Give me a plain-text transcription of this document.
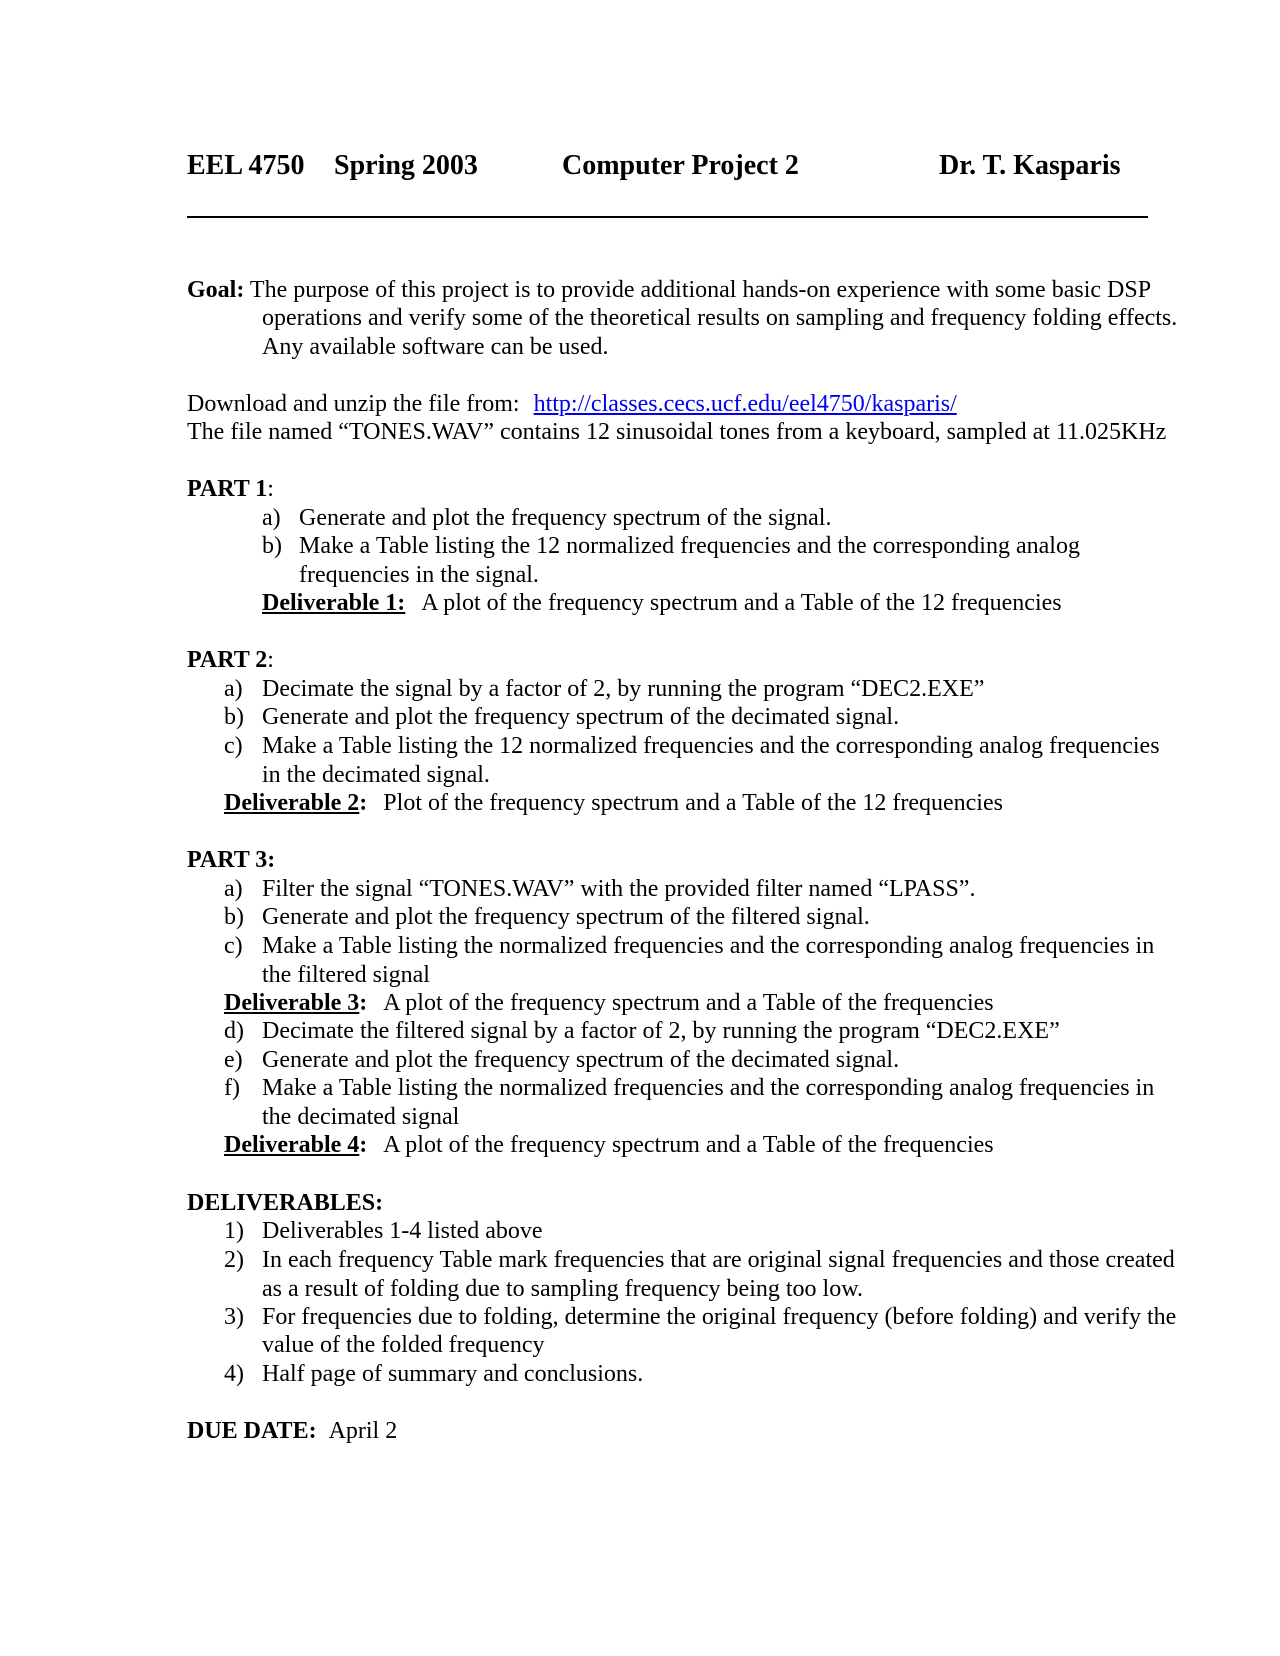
EEL 4750 Spring 2003	Computer Project 2	Dr. T. Kasparis
Goal: The purpose of this project is to provide additional hands-on experience with some basic DSP
operations and verify some of the theoretical results on sampling and frequency folding effects.
Any available software can be used.
Download and unzip the file from: http://classes.cecs.ucf.edu/eel4750/kasparis/
The file named “TONES.WAV” contains 12 sinusoidal tones from a keyboard, sampled at 11.025KHz
PART 1:
a) Generate and plot the frequency spectrum of the signal.
b) Make a Table listing the 12 normalized frequencies and the corresponding analog
frequencies in the signal.
Deliverable 1: A plot of the frequency spectrum and a Table of the 12 frequencies
PART 2:
a) Decimate the signal by a factor of 2, by running the program “DEC2.EXE”
b) Generate and plot the frequency spectrum of the decimated signal.
c) Make a Table listing the 12 normalized frequencies and the corresponding analog frequencies
in the decimated signal.
Deliverable 2: Plot of the frequency spectrum and a Table of the 12 frequencies
PART 3:
a) Filter the signal “TONES.WAV” with the provided filter named “LPASS”.
b) Generate and plot the frequency spectrum of the filtered signal.
c) Make a Table listing the normalized frequencies and the corresponding analog frequencies in
the filtered signal
Deliverable 3: A plot of the frequency spectrum and a Table of the frequencies
d) Decimate the filtered signal by a factor of 2, by running the program “DEC2.EXE”
e) Generate and plot the frequency spectrum of the decimated signal.
f) Make a Table listing the normalized frequencies and the corresponding analog frequencies in
the decimated signal
Deliverable 4: A plot of the frequency spectrum and a Table of the frequencies
DELIVERABLES:
1) Deliverables 1-4 listed above
2) In each frequency Table mark frequencies that are original signal frequencies and those created
as a result of folding due to sampling frequency being too low.
3) For frequencies due to folding, determine the original frequency (before folding) and verify the
value of the folded frequency
4) Half page of summary and conclusions.
DUE DATE: April 2
